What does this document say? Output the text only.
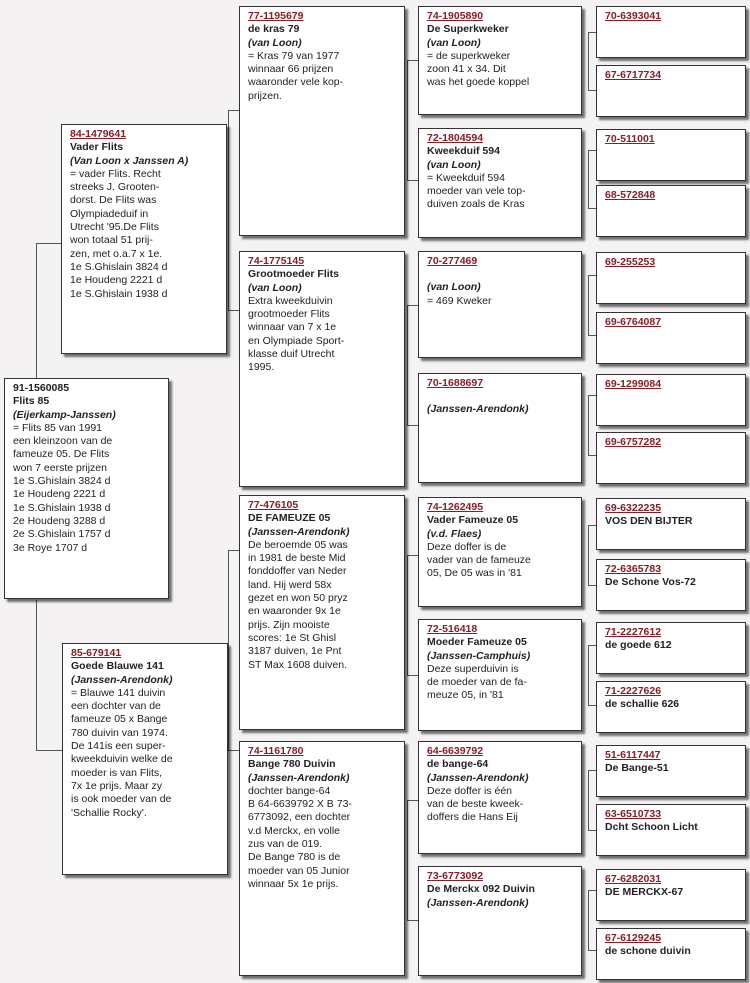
91-1560085
Flits 85
(Eijerkamp-Janssen)
= Flits 85 van 1991
een kleinzoon van de
fameuze 05. De Flits
won 7 eerste prijzen
1e S.Ghislain 3824 d
1e Houdeng 2221 d
1e S.Ghislain 1938 d
2e Houdeng 3288 d
2e S.Ghislain 1757 d
3e Roye 1707 d
84-1479641
Vader Flits
(Van Loon x Janssen A)
= vader Flits. Recht
streeks J. Grooten-
dorst. De Flits was
Olympiadeduif in
Utrecht '95.De Flits
won totaal 51 prij-
zen, met o.a.7 x 1e.
1e S.Ghislain 3824 d
1e Houdeng 2221 d
1e S.Ghislain 1938 d
85-679141
Goede Blauwe 141
(Janssen-Arendonk)
= Blauwe 141 duivin
een dochter van de
fameuze 05 x Bange
780 duivin van 1974.
De 141is een super-
kweekduivin welke de
moeder is van Flits,
7x 1e prijs. Maar zy
is ook moeder van de
'Schallie Rocky'.
77-1195679
de kras 79
(van Loon)
= Kras 79 van 1977
winnaar 66 prijzen
waaronder vele kop-
prijzen.
74-1775145
Grootmoeder Flits
(van Loon)
Extra kweekduivin
grootmoeder Flits
winnaar van 7 x 1e
en Olympiade Sport-
klasse duif Utrecht
1995.
77-476105
DE FAMEUZE 05
(Janssen-Arendonk)
De beroemde 05 was
in 1981 de beste Mid
fonddoffer van Neder
land. Hij werd 58x
gezet en won 50 pryz
en waaronder 9x 1e
prijs. Zijn mooiste
scores: 1e St Ghisl
3187 duiven, 1e Pnt
ST Max 1608 duiven.
74-1161780
Bange 780 Duivin
(Janssen-Arendonk)
dochter bange-64
B 64-6639792 X B 73-
6773092, een dochter
v.d Merckx, en volle
zus van de 019.
De Bange 780 is de
moeder van 05 Junior
winnaar 5x 1e prijs.
74-1905890
De Superkweker
(van Loon)
= de superkweker
zoon 41 x 34. Dit
was het goede koppel
72-1804594
Kweekduif 594
(van Loon)
= Kweekduif 594
moeder van vele top-
duiven zoals de Kras
70-277469
(van Loon)
= 469 Kweker
70-1688697
(Janssen-Arendonk)
74-1262495
Vader Fameuze 05
(v.d. Flaes)
Deze doffer is de
vader van de fameuze
05, De 05 was in '81
72-516418
Moeder Fameuze 05
(Janssen-Camphuis)
Deze superduivin is
de moeder van de fa-
meuze 05, in '81
64-6639792
de bange-64
(Janssen-Arendonk)
Deze doffer is één
van de beste kweek-
doffers die Hans Eij
73-6773092
De Merckx 092 Duivin
(Janssen-Arendonk)
70-6393041
67-6717734
70-511001
68-572848
69-255253
69-6764087
69-1299084
69-6757282
69-6322235
VOS DEN BIJTER
72-6365783
De Schone Vos-72
71-2227612
de goede 612
71-2227626
de schallie 626
51-6117447
De Bange-51
63-6510733
Dcht Schoon Licht
67-6282031
DE MERCKX-67
67-6129245
de schone duivin
